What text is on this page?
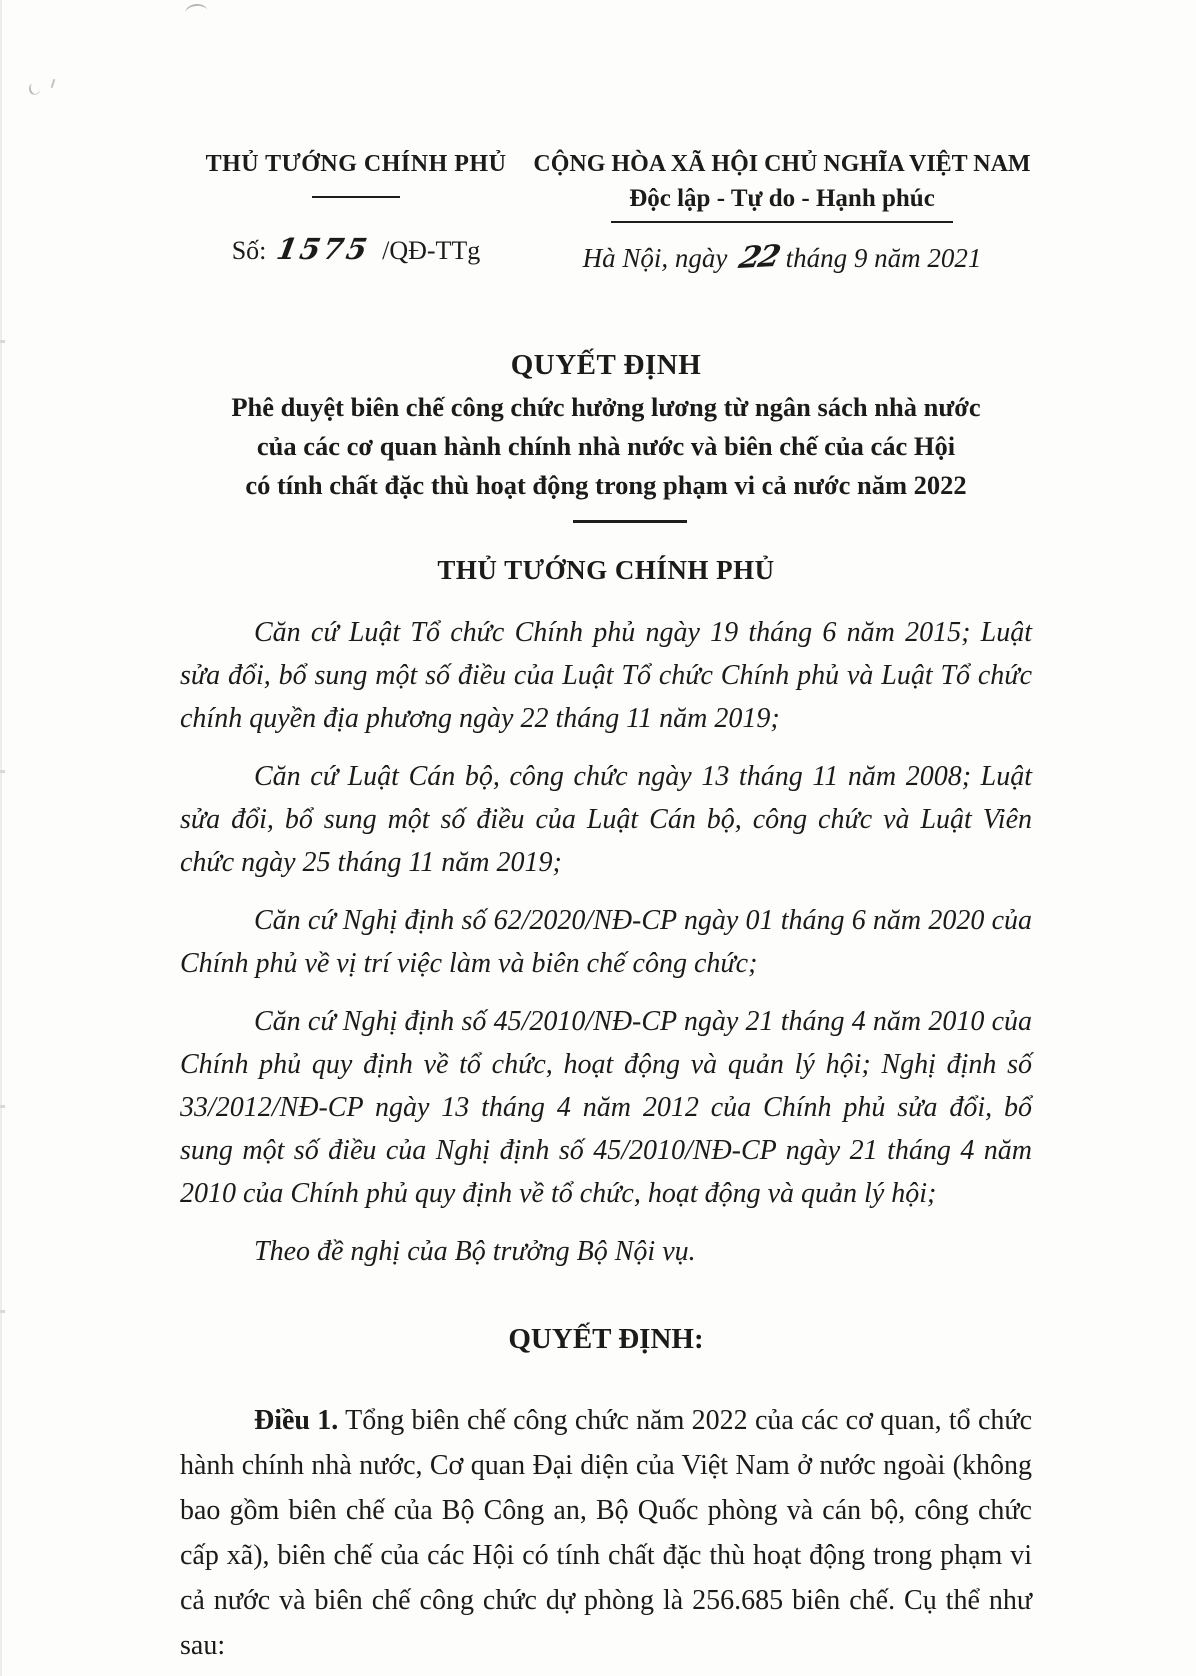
THỦ TƯỚNG CHÍNH PHỦ
Số: 1575 /QĐ-TTg
CỘNG HÒA XÃ HỘI CHỦ NGHĨA VIỆT NAM
Độc lập - Tự do - Hạnh phúc
Hà Nội, ngày 22 tháng 9 năm 2021
QUYẾT ĐỊNH
Phê duyệt biên chế công chức hưởng lương từ ngân sách nhà nước
của các cơ quan hành chính nhà nước và biên chế của các Hội
có tính chất đặc thù hoạt động trong phạm vi cả nước năm 2022
THỦ TƯỚNG CHÍNH PHỦ

Căn cứ Luật Tổ chức Chính phủ ngày 19 tháng 6 năm 2015; Luật sửa đổi, bổ sung một số điều của Luật Tổ chức Chính phủ và Luật Tổ chức chính quyền địa phương ngày 22 tháng 11 năm 2019;

Căn cứ Luật Cán bộ, công chức ngày 13 tháng 11 năm 2008; Luật sửa đổi, bổ sung một số điều của Luật Cán bộ, công chức và Luật Viên chức ngày 25 tháng 11 năm 2019;

Căn cứ Nghị định số 62/2020/NĐ-CP ngày 01 tháng 6 năm 2020 của Chính phủ về vị trí việc làm và biên chế công chức;

Căn cứ Nghị định số 45/2010/NĐ-CP ngày 21 tháng 4 năm 2010 của Chính phủ quy định về tổ chức, hoạt động và quản lý hội; Nghị định số 33/2012/NĐ-CP ngày 13 tháng 4 năm 2012 của Chính phủ sửa đổi, bổ sung một số điều của Nghị định số 45/2010/NĐ-CP ngày 21 tháng 4 năm 2010 của Chính phủ quy định về tổ chức, hoạt động và quản lý hội;

Theo đề nghị của Bộ trưởng Bộ Nội vụ.

QUYẾT ĐỊNH:

Điều 1. Tổng biên chế công chức năm 2022 của các cơ quan, tổ chức hành chính nhà nước, Cơ quan Đại diện của Việt Nam ở nước ngoài (không bao gồm biên chế của Bộ Công an, Bộ Quốc phòng và cán bộ, công chức cấp xã), biên chế của các Hội có tính chất đặc thù hoạt động trong phạm vi cả nước và biên chế công chức dự phòng là 256.685 biên chế. Cụ thể như sau:
